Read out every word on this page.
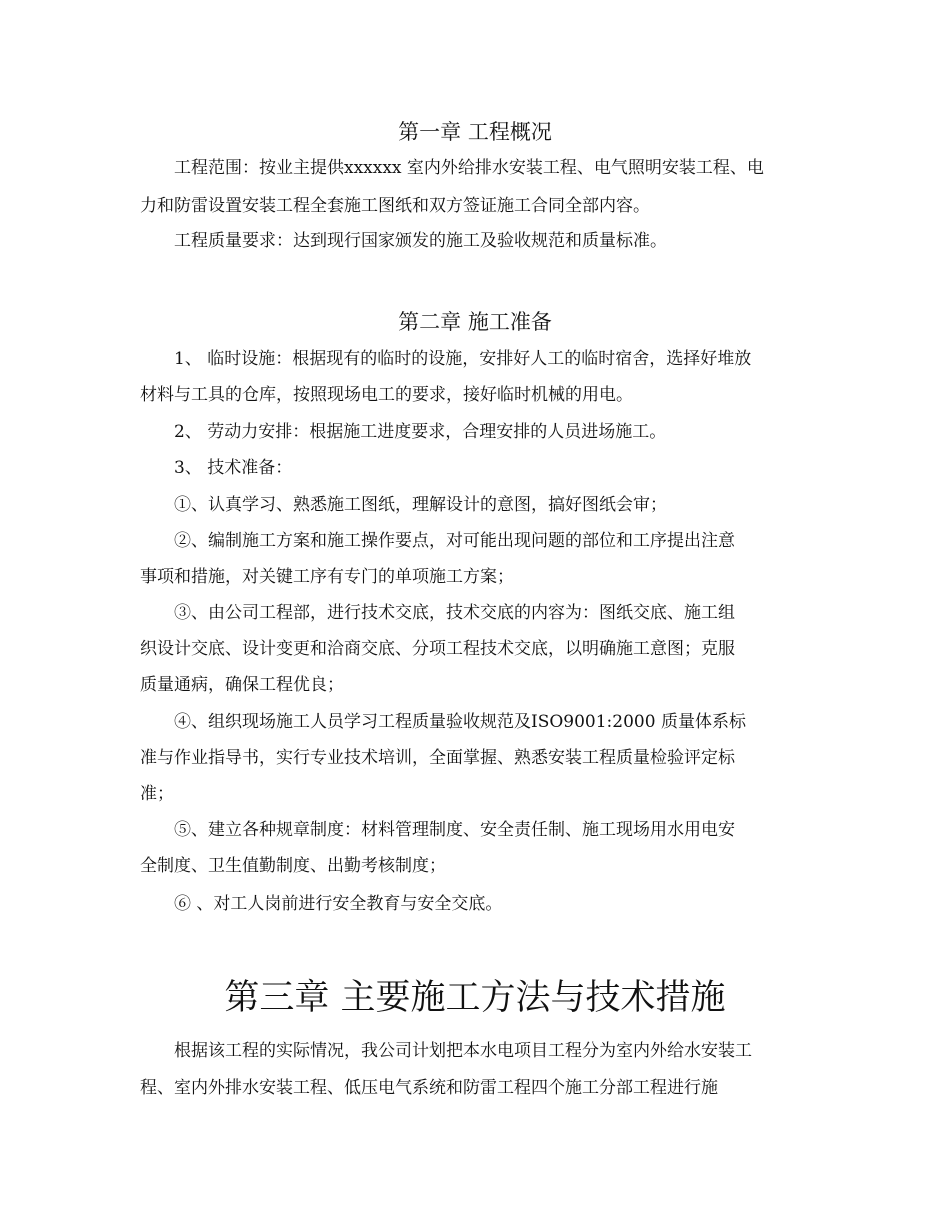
第一章 工程概况
工程范围：按业主提供xxxxxx 室内外给排水安装工程、电气照明安装工程、电
力和防雷设置安装工程全套施工图纸和双方签证施工合同全部内容。
工程质量要求：达到现行国家颁发的施工及验收规范和质量标准。
第二章 施工准备
1、 临时设施：根据现有的临时的设施，安排好人工的临时宿舍，选择好堆放
材料与工具的仓库，按照现场电工的要求，接好临时机械的用电。
2、 劳动力安排：根据施工进度要求，合理安排的人员进场施工。
3、 技术准备：
①、认真学习、熟悉施工图纸，理解设计的意图，搞好图纸会审；
②、编制施工方案和施工操作要点，对可能出现问题的部位和工序提出注意
事项和措施，对关键工序有专门的单项施工方案；
③、由公司工程部，进行技术交底，技术交底的内容为：图纸交底、施工组
织设计交底、设计变更和洽商交底、分项工程技术交底，以明确施工意图；克服
质量通病，确保工程优良；
④、组织现场施工人员学习工程质量验收规范及ISO9001:2000 质量体系标
准与作业指导书，实行专业技术培训，全面掌握、熟悉安装工程质量检验评定标
准；
⑤、建立各种规章制度：材料管理制度、安全责任制、施工现场用水用电安
全制度、卫生值勤制度、出勤考核制度；
⑥ 、对工人岗前进行安全教育与安全交底。
第三章 主要施工方法与技术措施
根据该工程的实际情况，我公司计划把本水电项目工程分为室内外给水安装工
程、室内外排水安装工程、低压电气系统和防雷工程四个施工分部工程进行施
